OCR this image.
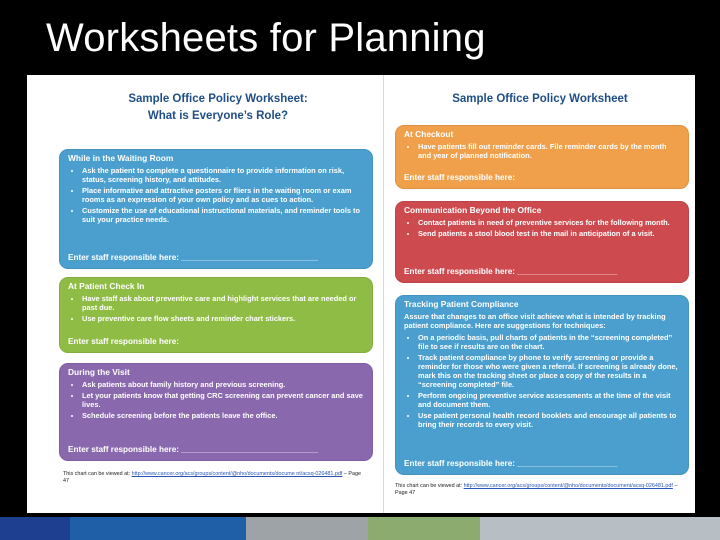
Worksheets for Planning
Sample Office Policy Worksheet:
What is Everyone’s Role?
While in the Waiting Room
• Ask the patient to complete a questionnaire to provide information on risk, status, screening history, and attitudes.
• Place informative and attractive posters or fliers in the waiting room or exam rooms as an expression of your own policy and as cues to action.
• Customize the use of educational instructional materials, and reminder tools to suit your practice needs.
Enter staff responsible here: ______________________________
At Patient Check In
• Have staff ask about preventive care and highlight services that are needed or past due.
• Use preventive care flow sheets and reminder chart stickers.
Enter staff responsible here:
During the Visit
• Ask patients about family history and previous screening.
• Let your patients know that getting CRC screening can prevent cancer and save lives.
• Schedule screening before the patients leave the office.
Enter staff responsible here: ______________________________
This chart can be viewed at: http://www.cancer.org/acs/groups/content/@nho/documents/docume nt/acsq-026481.pdf – Page 47
Sample Office Policy Worksheet
At Checkout
• Have patients fill out reminder cards. File reminder cards by the month and year of planned notification.
Enter staff responsible here:
Communication Beyond the Office
• Contact patients in need of preventive services for the following month.
• Send patients a stool blood test in the mail in anticipation of a visit.
Enter staff responsible here: ______________________
Tracking Patient Compliance
Assure that changes to an office visit achieve what is intended by tracking patient compliance. Here are suggestions for techniques:
• On a periodic basis, pull charts of patients in the “screening completed” file to see if results are on the chart.
• Track patient compliance by phone to verify screening or provide a reminder for those who were given a referral. If screening is already done, mark this on the tracking sheet or place a copy of the results in a “screening completed” file.
• Perform ongoing preventive service assessments at the time of the visit and document them.
• Use patient personal health record booklets and encourage all patients to bring their records to every visit.
Enter staff responsible here: ______________________
This chart can be viewed at: http://www.cancer.org/acs/groups/content/@nho/documents/document/acsq-026481.pdf – Page 47
